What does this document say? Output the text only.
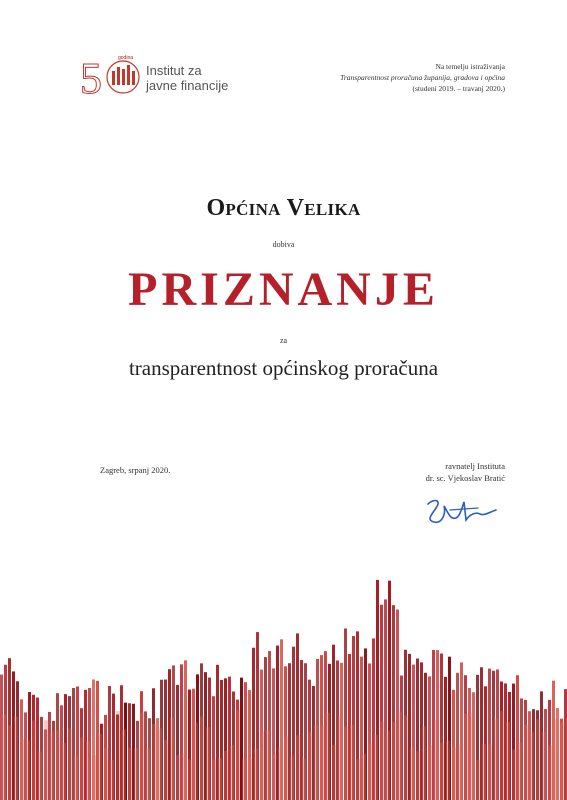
5	godina
Institut za
javne financije
Na temelju istraživanja
Transparentnost proračuna županija, gradova i općina
(studeni 2019. – travanj 2020.)
Općina Velika
dobiva
PRIZNANJE
za
transparentnost općinskog proračuna
Zagreb, srpanj 2020.	ravnatelj Instituta
dr. sc. Vjekoslav Bratić
